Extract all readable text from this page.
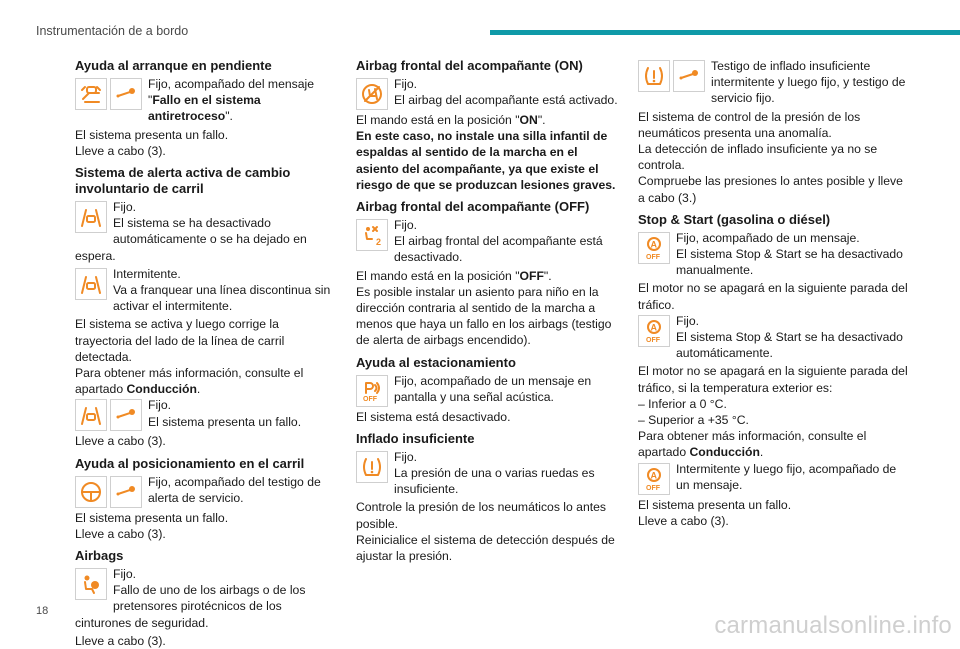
Instrumentación de a bordo
Ayuda al arranque en pendiente

Fijo, acompañado del mensaje "Fallo en el sistema antiretroceso".

El sistema presenta un fallo.

Lleve a cabo (3).

Sistema de alerta activa de cambio involuntario de carril

Fijo.

El sistema se ha desactivado automáticamente o se ha dejado en espera.

Intermitente.

Va a franquear una línea discontinua sin activar el intermitente.

El sistema se activa y luego corrige la trayectoria del lado de la línea de carril detectada.

Para obtener más información, consulte el apartado Conducción.

Fijo.

El sistema presenta un fallo.

Lleve a cabo (3).

Ayuda al posicionamiento en el carril

Fijo, acompañado del testigo de alerta de servicio.

El sistema presenta un fallo.

Lleve a cabo (3).

Airbags

Fijo.

Fallo de uno de los airbags o de los pretensores pirotécnicos de los cinturones de seguridad.

Lleve a cabo (3).

Airbag frontal del acompañante (ON)

Fijo.

El airbag del acompañante está activado.

El mando está en la posición "ON".

En este caso, no instale una silla infantil de espaldas al sentido de la marcha en el asiento del acompañante, ya que existe el riesgo de que se produzcan lesiones graves.

Airbag frontal del acompañante (OFF)
2

Fijo.

El airbag frontal del acompañante está desactivado.

El mando está en la posición "OFF".

Es posible instalar un asiento para niño en la dirección contraria al sentido de la marcha a menos que haya un fallo en los airbags (testigo de alerta de airbags encendido).

Ayuda al estacionamiento
OFF

Fijo, acompañado de un mensaje en pantalla y una señal acústica.

El sistema está desactivado.

Inflado insuficiente

Fijo.

La presión de una o varias ruedas es insuficiente.

Controle la presión de los neumáticos lo antes posible.

Reinicialice el sistema de detección después de ajustar la presión.

Testigo de inflado insuficiente intermitente y luego fijo, y testigo de servicio fijo.

El sistema de control de la presión de los neumáticos presenta una anomalía.

La detección de inflado insuficiente ya no se controla.

Compruebe las presiones lo antes posible y lleve a cabo (3.)

Stop & Start (gasolina o diésel)
A
OFF

Fijo, acompañado de un mensaje.

El sistema Stop & Start se ha desactivado manualmente.

El motor no se apagará en la siguiente parada del tráfico.

A
OFF

Fijo.

El sistema Stop & Start se ha desactivado automáticamente.

El motor no se apagará en la siguiente parada del tráfico, si la temperatura exterior es:

– Inferior a 0 °C.

– Superior a +35 °C.

Para obtener más información, consulte el apartado Conducción.

A
OFF

Intermitente y luego fijo, acompañado de un mensaje.

El sistema presenta un fallo.

Lleve a cabo (3).

18
carmanualsonline.info
